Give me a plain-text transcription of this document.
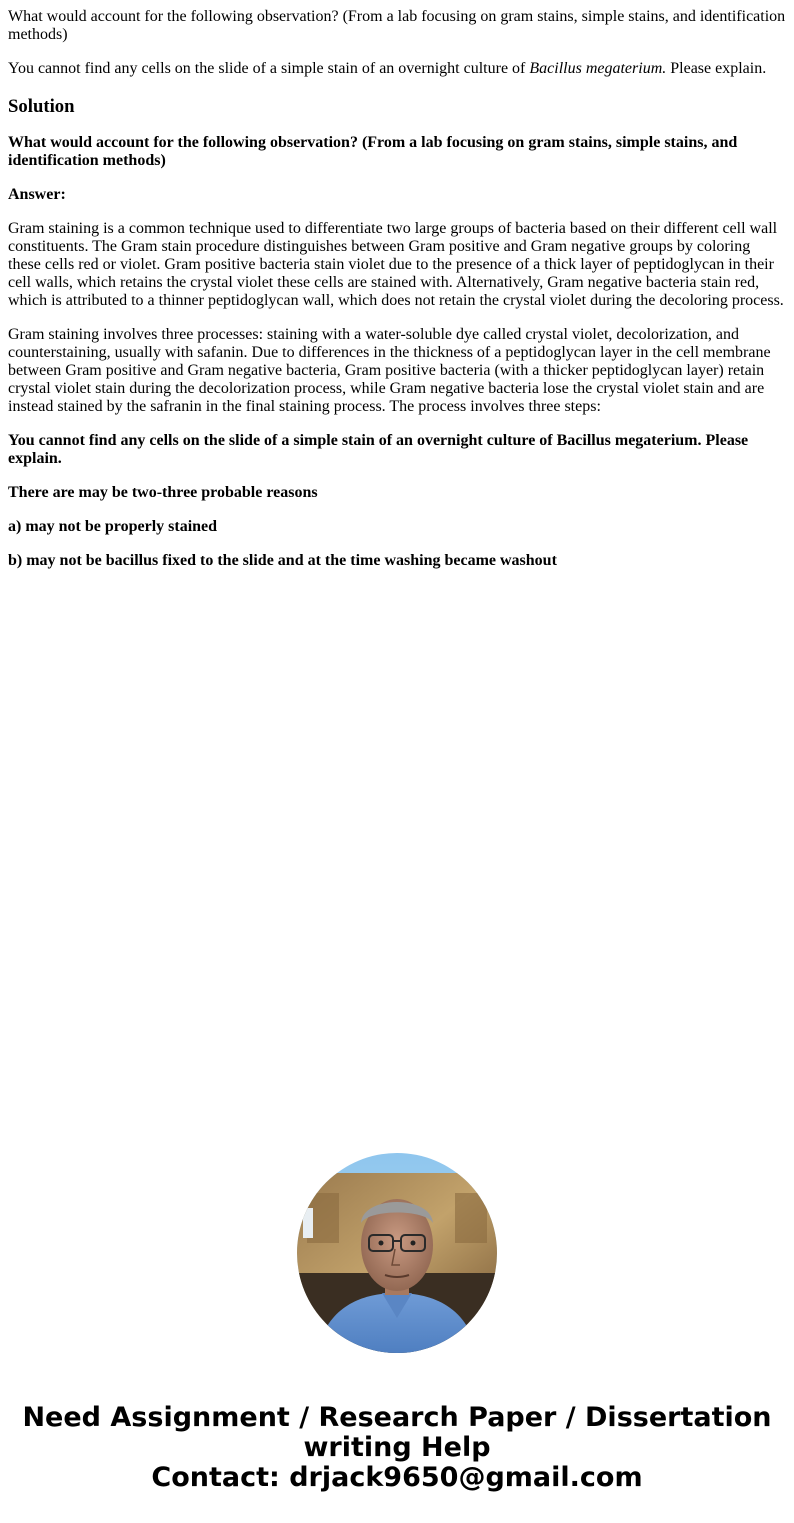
What would account for the following observation? (From a lab focusing on gram stains, simple stains, and identification methods)

You cannot find any cells on the slide of a simple stain of an overnight culture of Bacillus megaterium. Please explain.

Solution

What would account for the following observation? (From a lab focusing on gram stains, simple stains, and identification methods)

Answer:

Gram staining is a common technique used to differentiate two large groups of bacteria based on their different cell wall constituents. The Gram stain procedure distinguishes between Gram positive and Gram negative groups by coloring these cells red or violet. Gram positive bacteria stain violet due to the presence of a thick layer of peptidoglycan in their cell walls, which retains the crystal violet these cells are stained with. Alternatively, Gram negative bacteria stain red, which is attributed to a thinner peptidoglycan wall, which does not retain the crystal violet during the decoloring process.

Gram staining involves three processes: staining with a water-soluble dye called crystal violet, decolorization, and counterstaining, usually with safanin. Due to differences in the thickness of a peptidoglycan layer in the cell membrane between Gram positive and Gram negative bacteria, Gram positive bacteria (with a thicker peptidoglycan layer) retain crystal violet stain during the decolorization process, while Gram negative bacteria lose the crystal violet stain and are instead stained by the safranin in the final staining process. The process involves three steps:

You cannot find any cells on the slide of a simple stain of an overnight culture of Bacillus megaterium. Please explain.

There are may be two-three probable reasons

a) may not be properly stained

b) may not be bacillus fixed to the slide and at the time washing became washout

Need Assignment / Research Paper / Dissertation
writing Help
Contact: drjack9650@gmail.com
